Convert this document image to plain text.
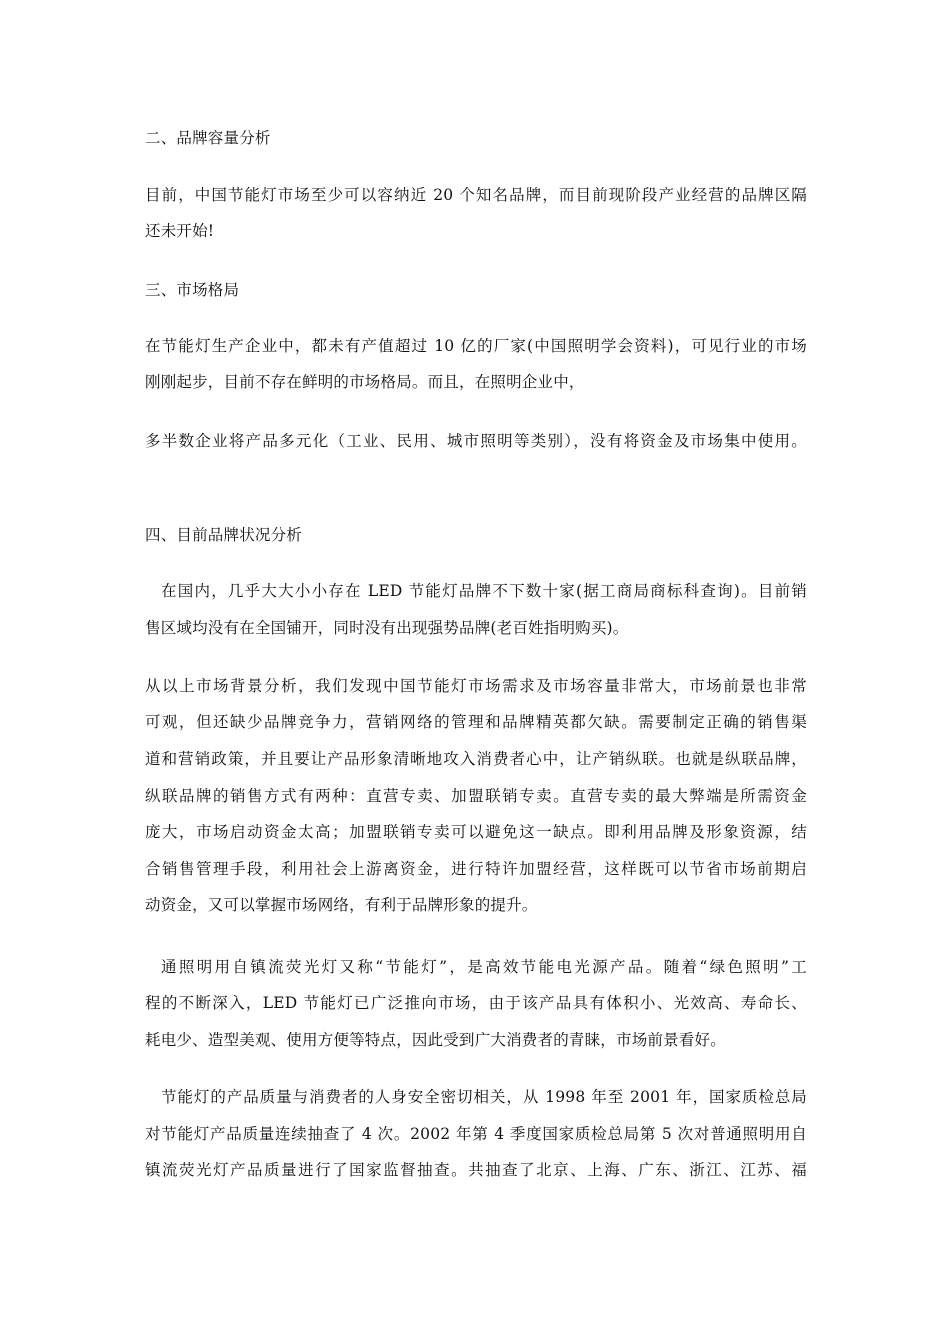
二、品牌容量分析
目前，中国节能灯市场至少可以容纳近 20 个知名品牌，而目前现阶段产业经营的品牌区隔
还未开始!
三、市场格局
在节能灯生产企业中，都未有产值超过 10 亿的厂家(中国照明学会资料)，可见行业的市场
刚刚起步，目前不存在鲜明的市场格局。而且，在照明企业中，
多半数企业将产品多元化（工业、民用、城市照明等类别），没有将资金及市场集中使用。
四、目前品牌状况分析
在国内，几乎大大小小存在 LED 节能灯品牌不下数十家(据工商局商标科查询)。目前销
售区域均没有在全国铺开，同时没有出现强势品牌(老百姓指明购买)。
从以上市场背景分析，我们发现中国节能灯市场需求及市场容量非常大，市场前景也非常
可观，但还缺少品牌竞争力，营销网络的管理和品牌精英都欠缺。需要制定正确的销售渠
道和营销政策，并且要让产品形象清晰地攻入消费者心中，让产销纵联。也就是纵联品牌，
纵联品牌的销售方式有两种：直营专卖、加盟联销专卖。直营专卖的最大弊端是所需资金
庞大，市场启动资金太高；加盟联销专卖可以避免这一缺点。即利用品牌及形象资源，结
合销售管理手段，利用社会上游离资金，进行特许加盟经营，这样既可以节省市场前期启
动资金，又可以掌握市场网络，有利于品牌形象的提升。
通照明用自镇流荧光灯又称“节能灯”，是高效节能电光源产品。随着“绿色照明”工
程的不断深入，LED 节能灯已广泛推向市场，由于该产品具有体积小、光效高、寿命长、
耗电少、造型美观、使用方便等特点，因此受到广大消费者的青睐，市场前景看好。
节能灯的产品质量与消费者的人身安全密切相关，从 1998 年至 2001 年，国家质检总局
对节能灯产品质量连续抽查了 4 次。2002 年第 4 季度国家质检总局第 5 次对普通照明用自
镇流荧光灯产品质量进行了国家监督抽查。共抽查了北京、上海、广东、浙江、江苏、福
